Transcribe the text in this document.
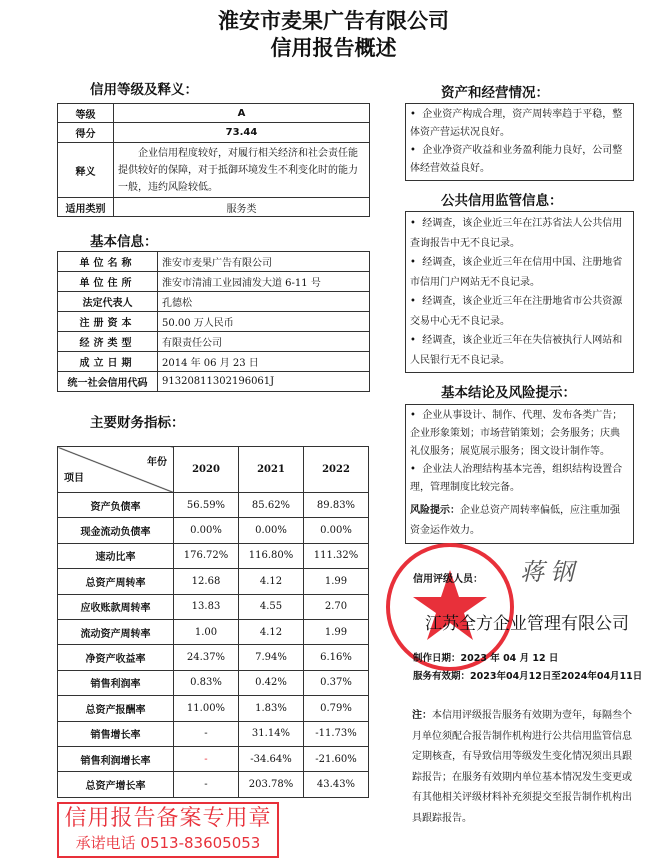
淮安市麦果广告有限公司
信用报告概述
信用等级及释义：
等级	A
得分	73.44
释义	企业信用程度较好，对履行相关经济和社会责任能提供较好的保障，对于抵御环境发生不利变化时的能力一般，违约风险较低。
适用类别	服务类
基本信息：
单位名称	淮安市麦果广告有限公司
单位住所	淮安市清浦工业园浦发大道 6-11 号
法定代表人	孔德松
注册资本	50.00 万人民币
经济类型	有限责任公司
成立日期	2014 年 06 月 23 日
统一社会信用代码	91320811302196061J
主要财务指标：
年份
项目	2020	2021	2022
资产负债率	56.59%	85.62%	89.83%
现金流动负债率	0.00%	0.00%	0.00%
速动比率	176.72%	116.80%	111.32%
总资产周转率	12.68	4.12	1.99
应收账款周转率	13.83	4.55	2.70
流动资产周转率	1.00	4.12	1.99
净资产收益率	24.37%	7.94%	6.16%
销售利润率	0.83%	0.42%	0.37%
总资产报酬率	11.00%	1.83%	0.79%
销售增长率	-	31.14%	-11.73%
销售利润增长率	-	-34.64%	-21.60%
总资产增长率	-	203.78%	43.43%
信用报告备案专用章
承诺电话 0513-83605053
资产和经营情况：

•  企业资产构成合理，资产周转率趋于平稳，整体资产营运状况良好。

•  企业净资产收益和业务盈利能力良好，公司整体经营效益良好。

公共信用监管信息：

•  经调查，该企业近三年在江苏省法人公共信用查询报告中无不良记录。

•  经调查，该企业近三年在信用中国、注册地省市信用门户网站无不良记录。

•  经调查，该企业近三年在注册地省市公共资源交易中心无不良记录。

•  经调查，该企业近三年在失信被执行人网站和人民银行无不良记录。

基本结论及风险提示：

•  企业从事设计、制作、代理、发布各类广告；企业形象策划；市场营销策划；会务服务；庆典礼仪服务；展览展示服务；图文设计制作等。

•  企业法人治理结构基本完善，组织结构设置合理，管理制度比较完备。

风险提示：企业总资产周转率偏低，应注重加强资金运作效力。

信用评级人员： 蒋钢
江苏全方企业管理有限公司
制作日期：2023 年 04 月 12 日
服务有效期：2023年04月12日至2024年04月11日
注：本信用评级报告服务有效期为壹年，每隔叁个月单位须配合报告制作机构进行公共信用监管信息定期核查，有导致信用等级发生变化情况须出具跟踪报告；在服务有效期内单位基本情况发生变更或有其他相关评级材料补充须提交至报告制作机构出具跟踪报告。
